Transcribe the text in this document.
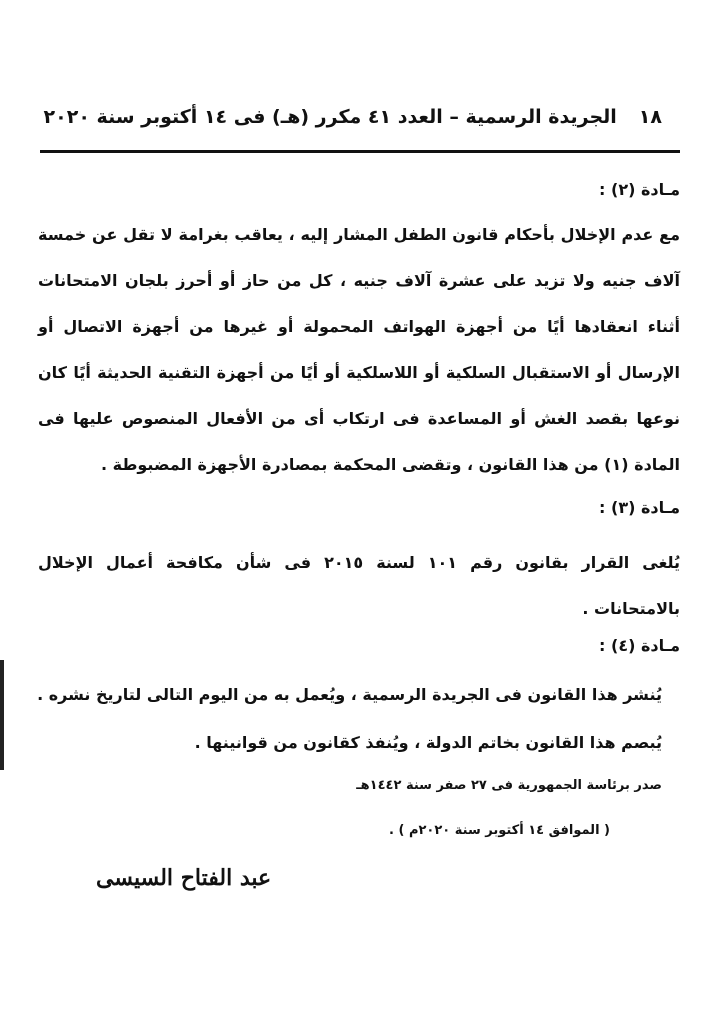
١٨الجريدة الرسمية – العدد ٤١ مكرر (هـ) فى ١٤ أكتوبر سنة ٢٠٢٠
مـادة (٢) :
مع عدم الإخلال بأحكام قانون الطفل المشار إليه ، يعاقب بغرامة لا تقل عن خمسة آلاف جنيه ولا تزيد على عشرة آلاف جنيه ، كل من حاز أو أحرز بلجان الامتحانات أثناء انعقادها أيًا من أجهزة الهواتف المحمولة أو غيرها من أجهزة الاتصال أو الإرسال أو الاستقبال السلكية أو اللاسلكية أو أيًا من أجهزة التقنية الحديثة أيًا كان نوعها بقصد الغش أو المساعدة فى ارتكاب أى من الأفعال المنصوص عليها فى المادة (١) من هذا القانون ، وتقضى المحكمة بمصادرة الأجهزة المضبوطة .
مـادة (٣) :
يُلغى القرار بقانون رقم ١٠١ لسنة ٢٠١٥ فى شأن مكافحة أعمال الإخلال بالامتحانات .
مـادة (٤) :
يُنشر هذا القانون فى الجريدة الرسمية ، ويُعمل به من اليوم التالى لتاريخ نشره .
يُبصم هذا القانون بخاتم الدولة ، ويُنفذ كقانون من قوانينها .
صدر برئاسة الجمهورية فى ٢٧ صفر سنة ١٤٤٢هـ
( الموافق ١٤ أكتوبر سنة ٢٠٢٠م ) .
عبد الفتاح السيسى
